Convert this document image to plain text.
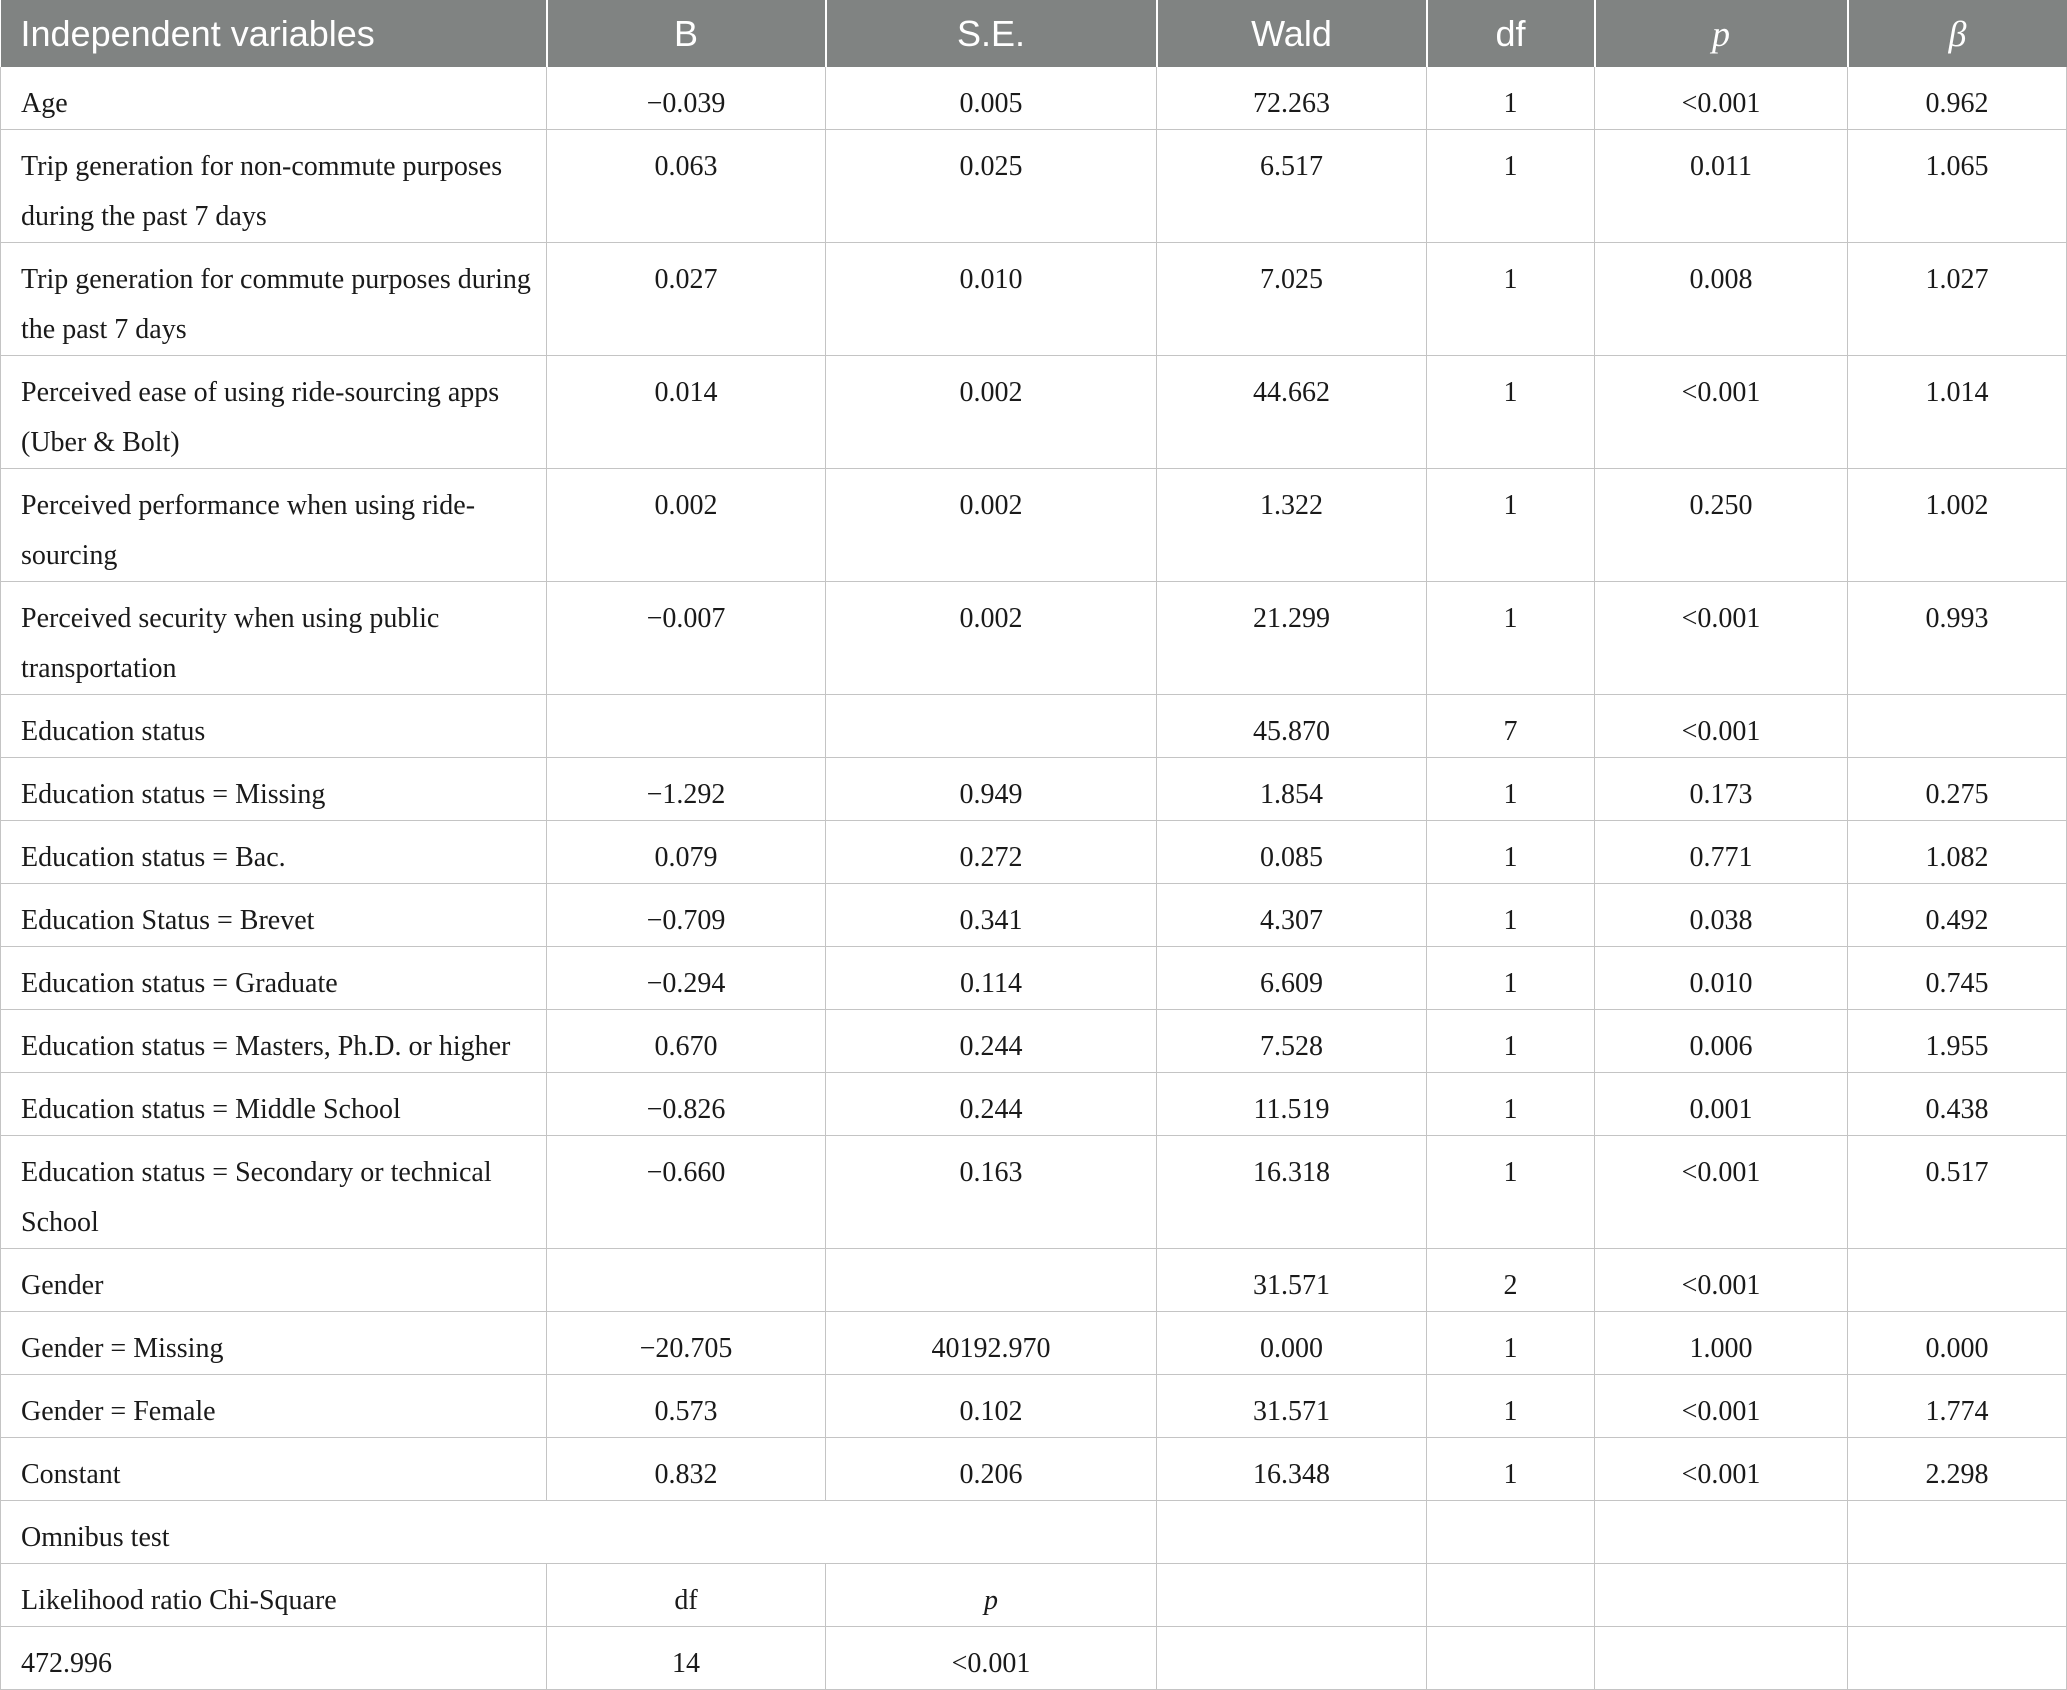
Independent variables	B	S.E.	Wald	df	p	β
Age	−0.039	0.005	72.263	1	<0.001	0.962
Trip generation for non-commute purposes during the past 7 days	0.063	0.025	6.517	1	0.011	1.065
Trip generation for commute purposes during the past 7 days	0.027	0.010	7.025	1	0.008	1.027
Perceived ease of using ride-sourcing apps (Uber & Bolt)	0.014	0.002	44.662	1	<0.001	1.014
Perceived performance when using ride-sourcing	0.002	0.002	1.322	1	0.250	1.002
Perceived security when using public transportation	−0.007	0.002	21.299	1	<0.001	0.993
Education status			45.870	7	<0.001	
Education status = Missing	−1.292	0.949	1.854	1	0.173	0.275
Education status = Bac.	0.079	0.272	0.085	1	0.771	1.082
Education Status = Brevet	−0.709	0.341	4.307	1	0.038	0.492
Education status = Graduate	−0.294	0.114	6.609	1	0.010	0.745
Education status = Masters, Ph.D. or higher	0.670	0.244	7.528	1	0.006	1.955
Education status = Middle School	−0.826	0.244	11.519	1	0.001	0.438
Education status = Secondary or technical School	−0.660	0.163	16.318	1	<0.001	0.517
Gender			31.571	2	<0.001	
Gender = Missing	−20.705	40192.970	0.000	1	1.000	0.000
Gender = Female	0.573	0.102	31.571	1	<0.001	1.774
Constant	0.832	0.206	16.348	1	<0.001	2.298
Omnibus test						
Likelihood ratio Chi-Square	df	p				
472.996	14	<0.001				
